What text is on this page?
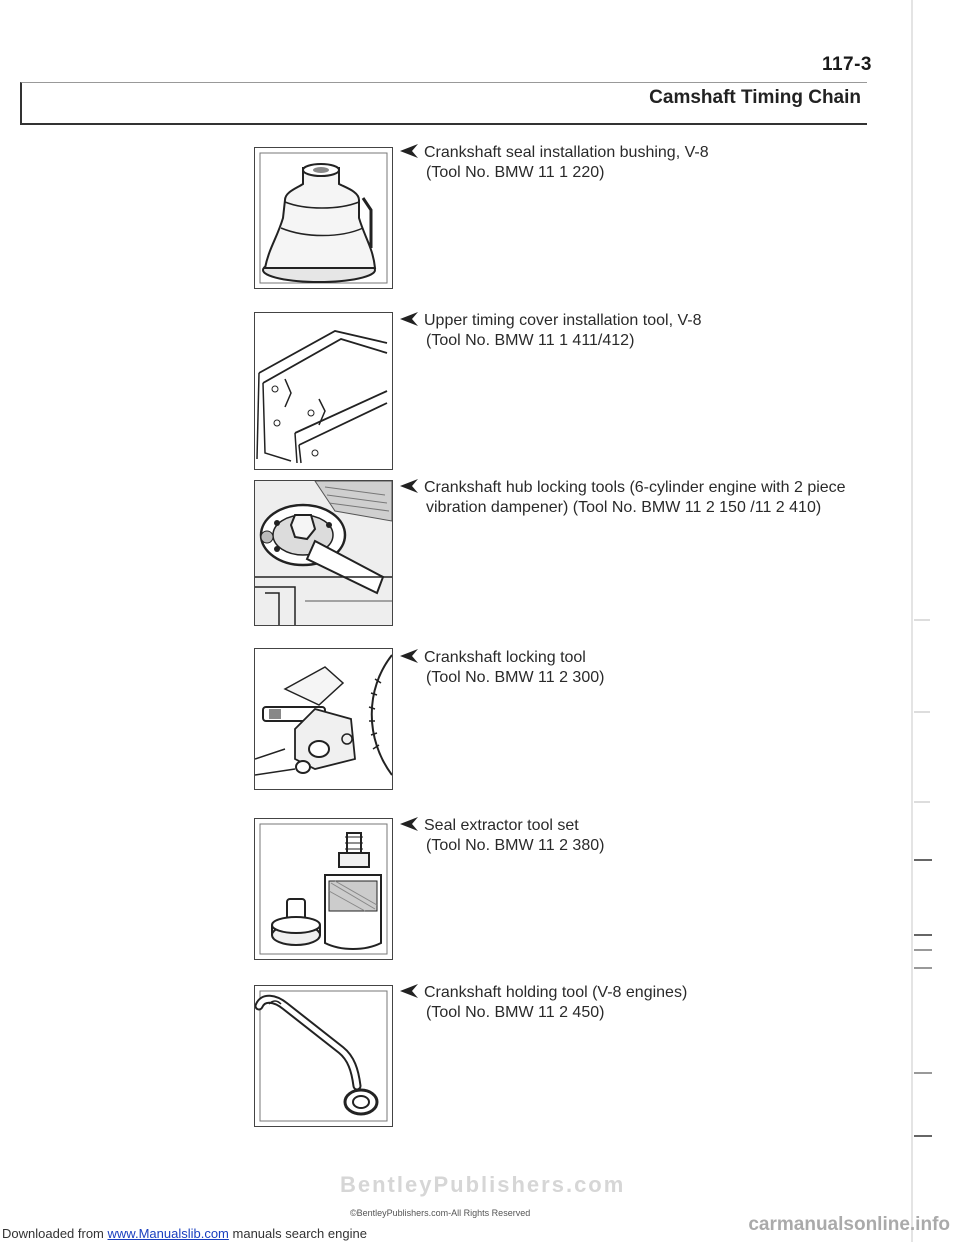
117-3
Camshaft Timing Chain
Crankshaft seal installation bushing, V-8
(Tool No. BMW 11 1 220)
Upper timing cover installation tool, V-8
(Tool No. BMW 11 1 411/412)
Crankshaft hub locking tools (6-cylinder engine with 2 piece
vibration dampener) (Tool No. BMW 11 2 150 /11 2 410)
Crankshaft locking tool
(Tool No. BMW 11 2 300)
Seal extractor tool set
(Tool No. BMW 11 2 380)
Crankshaft holding tool (V-8 engines)
(Tool No. BMW 11 2 450)
BentleyPublishers.com
©BentleyPublishers.com-All Rights Reserved
Downloaded from www.Manualslib.com manuals search engine	carmanualsonline.info
